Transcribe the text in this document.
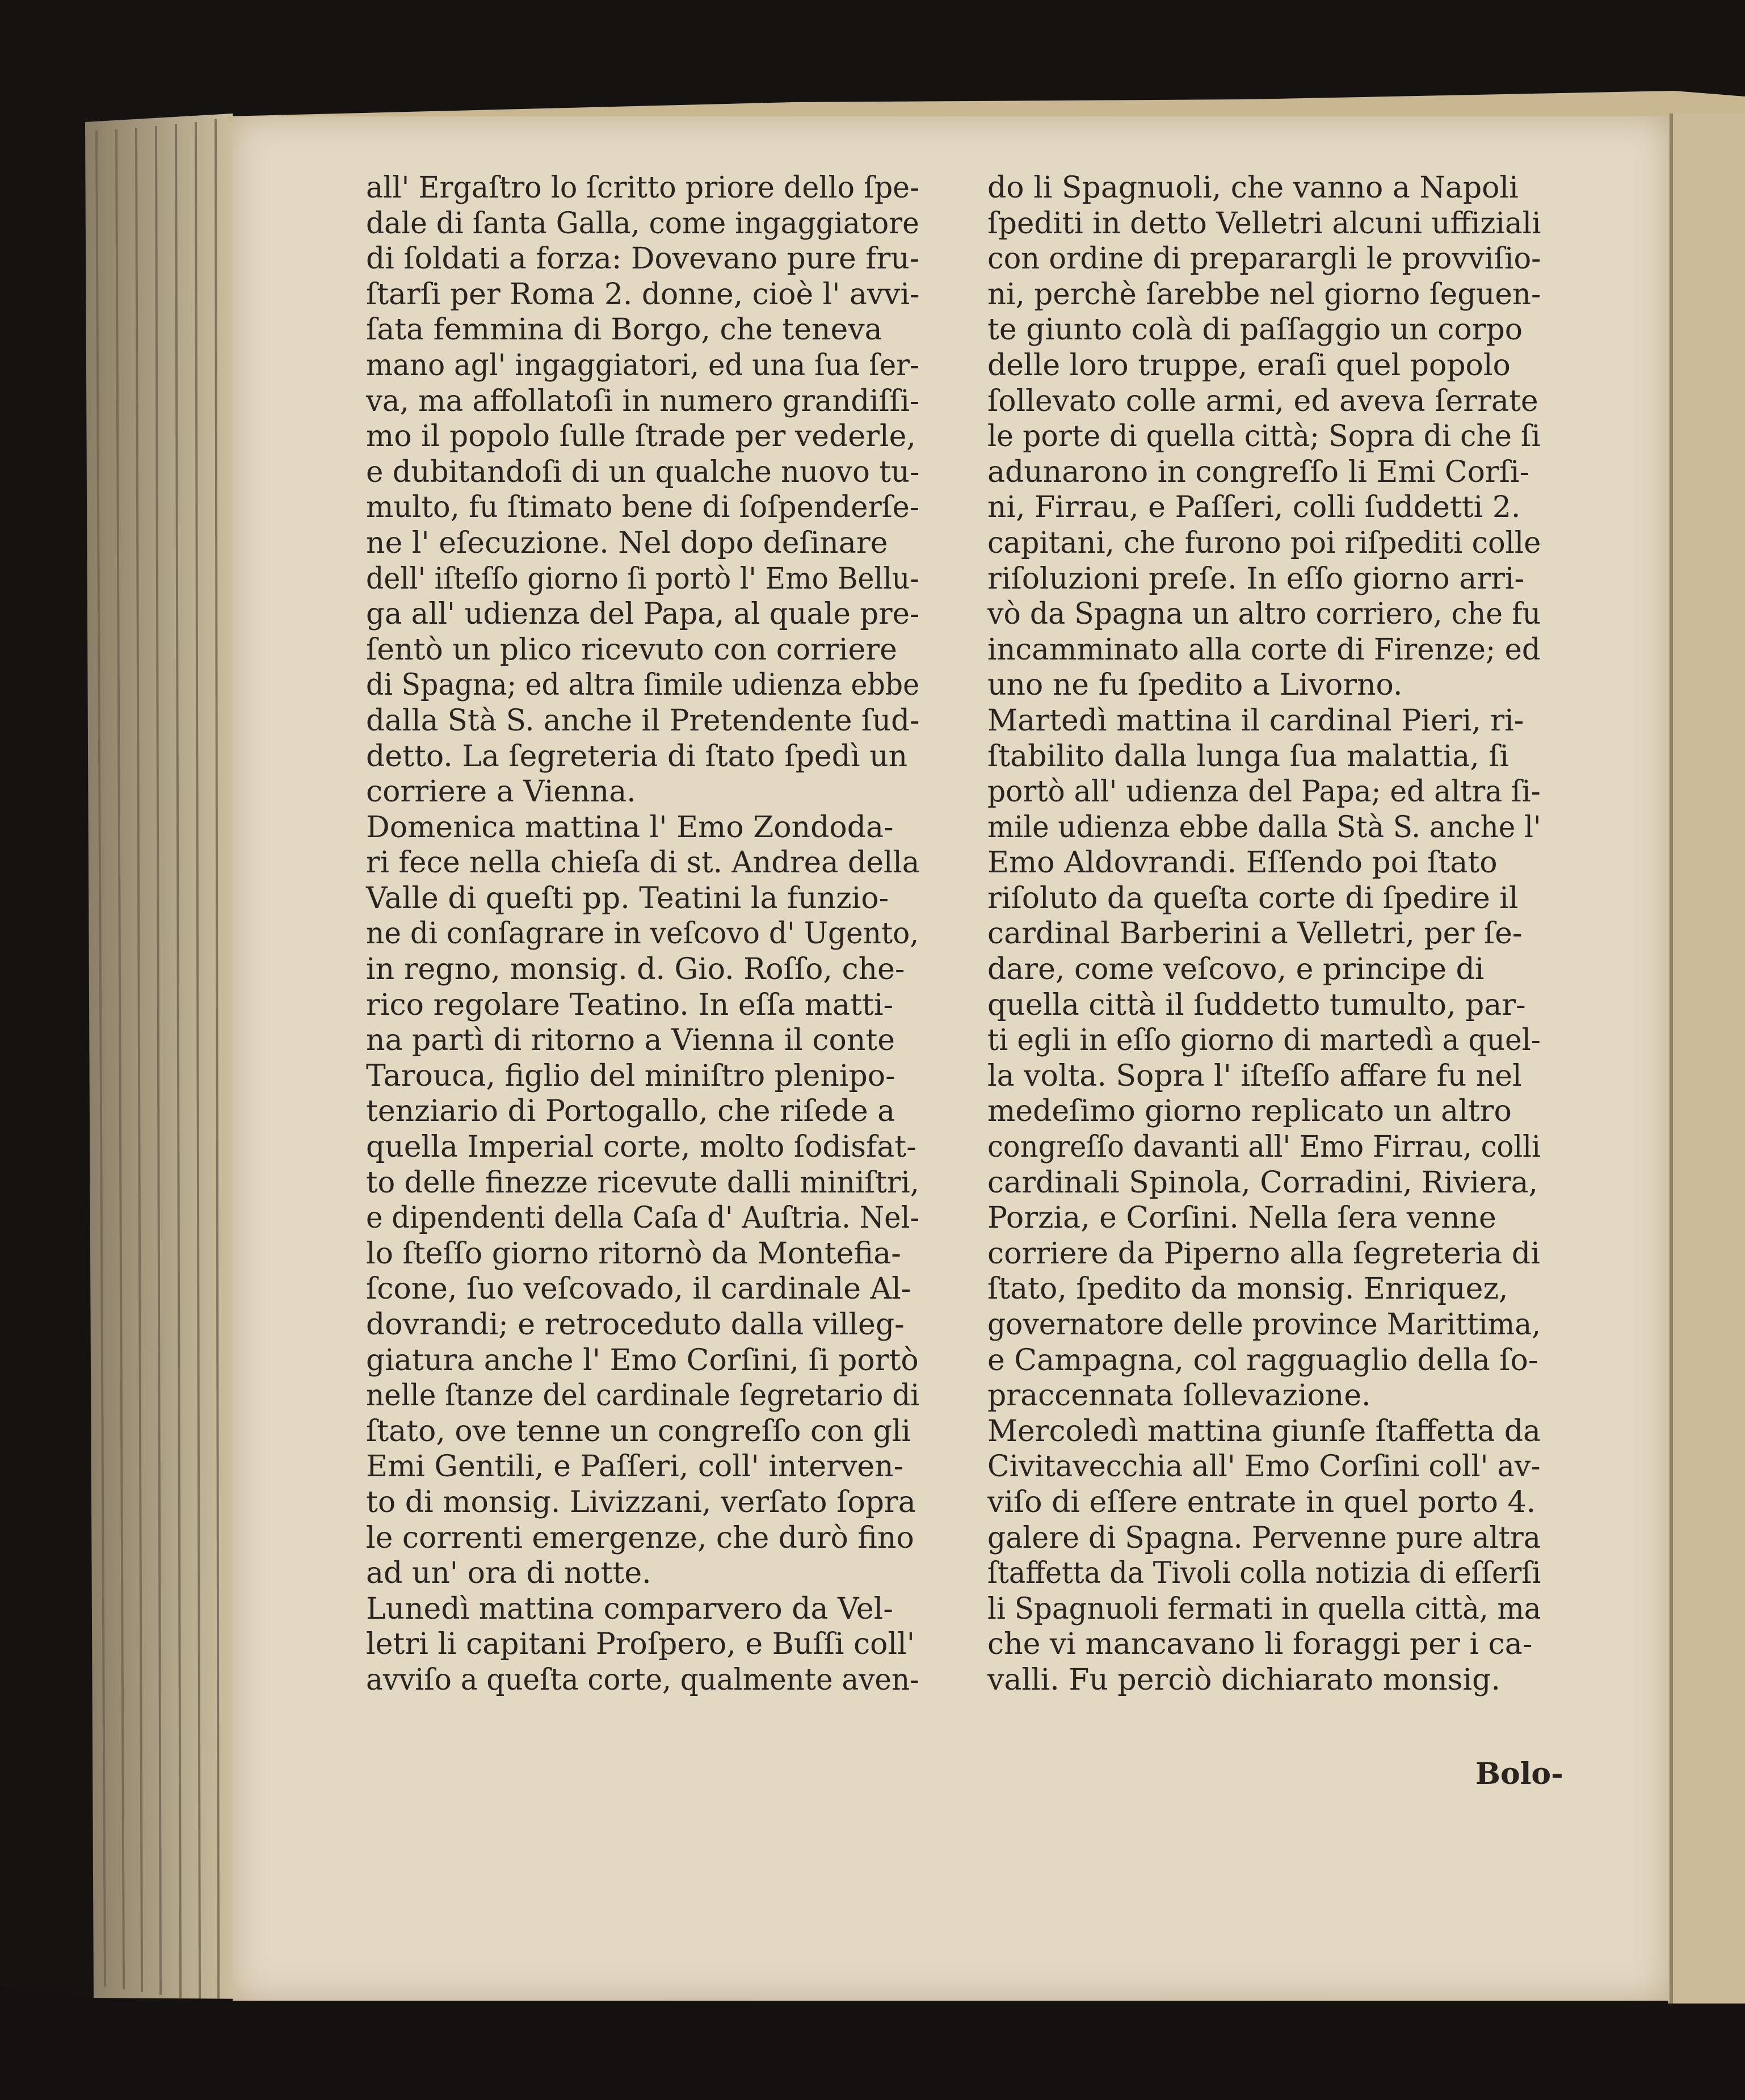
all' Ergaſtro lo ſcritto priore dello ſpe-
dale di ſanta Galla, come ingaggiatore
di ſoldati a forza: Dovevano pure fru-
ſtarſi per Roma 2. donne, cioè l' avvi-
ſata femmina di Borgo, che teneva
mano agl' ingaggiatori, ed una ſua ſer-
va, ma affollatoſi in numero grandiſſi-
mo il popolo ſulle ſtrade per vederle,
e dubitandoſi di un qualche nuovo tu-
multo, fu ſtimato bene di ſoſpenderſe-
ne l' eſecuzione. Nel dopo deſinare
dell' iſteſſo giorno ſi portò l' Emo Bellu-
ga all' udienza del Papa, al quale pre-
ſentò un plico ricevuto con corriere
di Spagna; ed altra ſimile udienza ebbe
dalla Stà S. anche il Pretendente ſud-
detto. La ſegreteria di ſtato ſpedì un
corriere a Vienna.
Domenica mattina l' Emo Zondoda-
ri fece nella chieſa di st. Andrea della
Valle di queſti pp. Teatini la funzio-
ne di conſagrare in veſcovo d' Ugento,
in regno, monsig. d. Gio. Roſſo, che-
rico regolare Teatino. In eſſa matti-
na partì di ritorno a Vienna il conte
Tarouca, figlio del miniſtro plenipo-
tenziario di Portogallo, che riſede a
quella Imperial corte, molto ſodisfat-
to delle finezze ricevute dalli miniſtri,
e dipendenti della Caſa d' Auſtria. Nel-
lo ſteſſo giorno ritornò da Montefia-
ſcone, ſuo veſcovado, il cardinale Al-
dovrandi; e retroceduto dalla villeg-
giatura anche l' Emo Corſini, ſi portò
nelle ſtanze del cardinale ſegretario di
ſtato, ove tenne un congreſſo con gli
Emi Gentili, e Paſſeri, coll' interven-
to di monsig. Livizzani, verſato ſopra
le correnti emergenze, che durò fino
ad un' ora di notte.
Lunedì mattina comparvero da Vel-
letri li capitani Proſpero, e Buſſi coll'
avviſo a queſta corte, qualmente aven-
do li Spagnuoli, che vanno a Napoli
ſpediti in detto Velletri alcuni uffiziali
con ordine di preparargli le provviſio-
ni, perchè ſarebbe nel giorno ſeguen-
te giunto colà di paſſaggio un corpo
delle loro truppe, eraſi quel popolo
ſollevato colle armi, ed aveva ſerrate
le porte di quella città; Sopra di che ſi
adunarono in congreſſo li Emi Corſi-
ni, Firrau, e Paſſeri, colli ſuddetti 2.
capitani, che furono poi riſpediti colle
riſoluzioni preſe. In eſſo giorno arri-
vò da Spagna un altro corriero, che fu
incamminato alla corte di Firenze; ed
uno ne fu ſpedito a Livorno.
Martedì mattina il cardinal Pieri, ri-
ſtabilito dalla lunga ſua malattia, ſi
portò all' udienza del Papa; ed altra ſi-
mile udienza ebbe dalla Stà S. anche l'
Emo Aldovrandi. Eſſendo poi ſtato
riſoluto da queſta corte di ſpedire il
cardinal Barberini a Velletri, per ſe-
dare, come veſcovo, e principe di
quella città il ſuddetto tumulto, par-
ti egli in eſſo giorno di martedì a quel-
la volta. Sopra l' iſteſſo affare fu nel
medeſimo giorno replicato un altro
congreſſo davanti all' Emo Firrau, colli
cardinali Spinola, Corradini, Riviera,
Porzia, e Corſini. Nella ſera venne
corriere da Piperno alla ſegreteria di
ſtato, ſpedito da monsig. Enriquez,
governatore delle province Marittima,
e Campagna, col ragguaglio della ſo-
praccennata ſollevazione.
Mercoledì mattina giunſe ſtaffetta da
Civitavecchia all' Emo Corſini coll' av-
viſo di eſſere entrate in quel porto 4.
galere di Spagna. Pervenne pure altra
ſtaffetta da Tivoli colla notizia di eſſerſi
li Spagnuoli fermati in quella città, ma
che vi mancavano li foraggi per i ca-
valli. Fu perciò dichiarato monsig.
Bolo-
